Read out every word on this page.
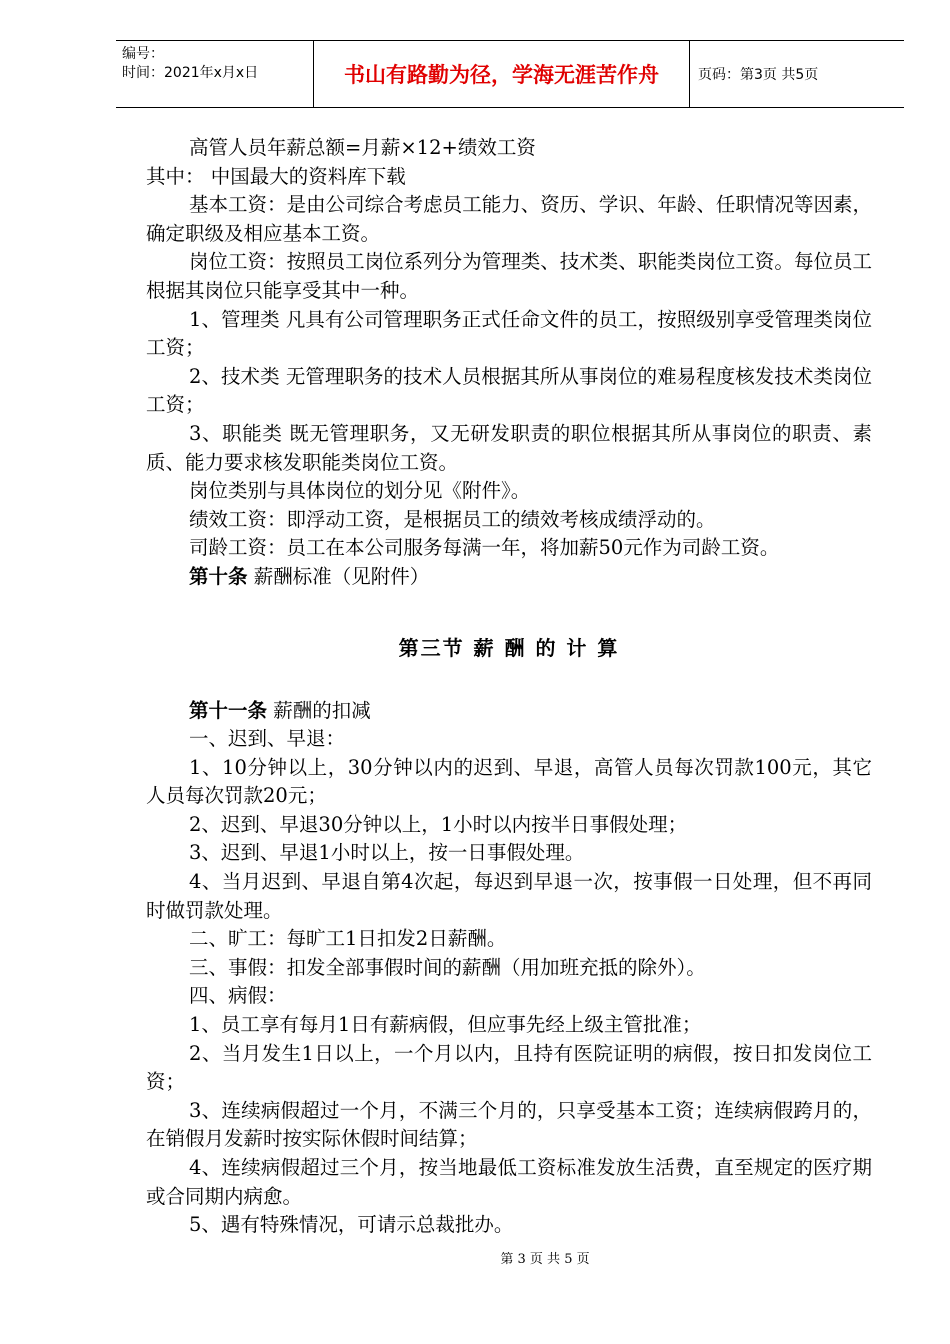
编号：
时间：2021年x月x日	书山有路勤为径，学海无涯苦作舟	页码：第3页 共5页

高管人员年薪总额=月薪×12+绩效工资

其中： 中国最大的资料库下载

基本工资：是由公司综合考虑员工能力、资历、学识、年龄、任职情况等因素，确定职级及相应基本工资。

岗位工资：按照员工岗位系列分为管理类、技术类、职能类岗位工资。每位员工根据其岗位只能享受其中一种。

1、管理类 凡具有公司管理职务正式任命文件的员工，按照级别享受管理类岗位工资；

2、技术类 无管理职务的技术人员根据其所从事岗位的难易程度核发技术类岗位工资；

3、职能类 既无管理职务，又无研发职责的职位根据其所从事岗位的职责、素质、能力要求核发职能类岗位工资。

岗位类别与具体岗位的划分见《附件》。

绩效工资：即浮动工资，是根据员工的绩效考核成绩浮动的。

司龄工资：员工在本公司服务每满一年，将加薪50元作为司龄工资。

第十条 薪酬标准（见附件）

第三节 薪 酬 的 计 算

第十一条 薪酬的扣减

一、迟到、早退：

1、10分钟以上，30分钟以内的迟到、早退，高管人员每次罚款100元，其它人员每次罚款20元；

2、迟到、早退30分钟以上，1小时以内按半日事假处理；

3、迟到、早退1小时以上，按一日事假处理。

4、当月迟到、早退自第4次起，每迟到早退一次，按事假一日处理，但不再同时做罚款处理。

二、旷工：每旷工1日扣发2日薪酬。

三、事假：扣发全部事假时间的薪酬（用加班充抵的除外）。

四、病假：

1、员工享有每月1日有薪病假，但应事先经上级主管批准；

2、当月发生1日以上，一个月以内，且持有医院证明的病假，按日扣发岗位工资；

3、连续病假超过一个月，不满三个月的，只享受基本工资；连续病假跨月的，在销假月发薪时按实际休假时间结算；

4、连续病假超过三个月，按当地最低工资标准发放生活费，直至规定的医疗期或合同期内病愈。

5、遇有特殊情况，可请示总裁批办。

第 3 页 共 5 页
